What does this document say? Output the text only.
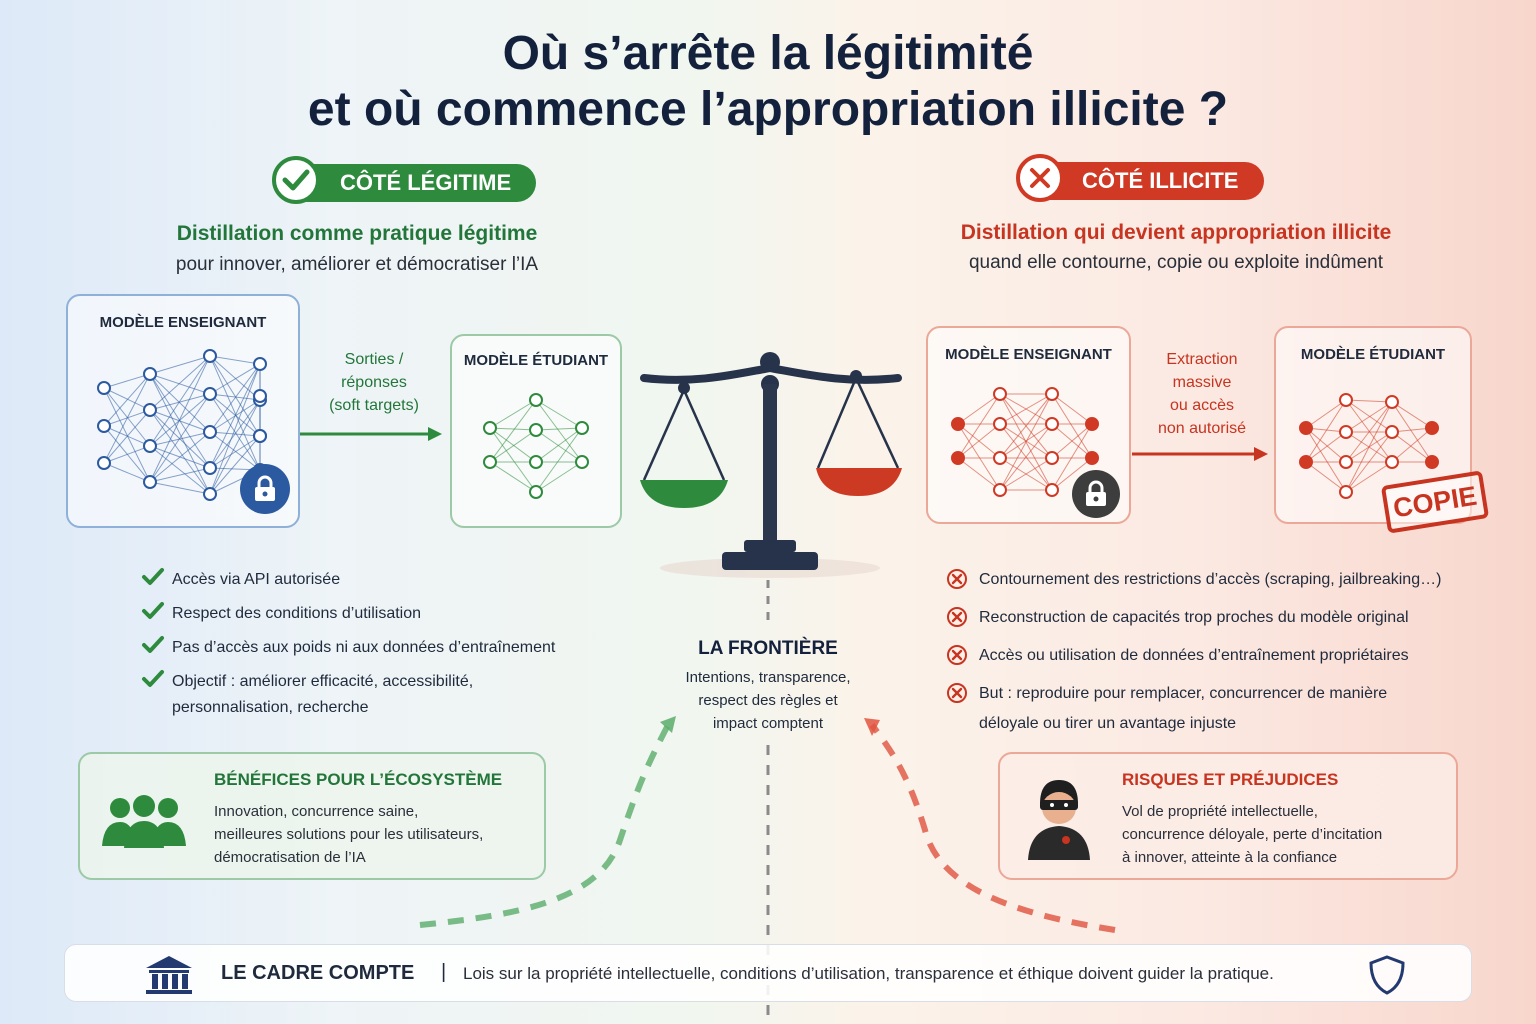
Où s’arrête la légitimité
et où commence l’appropriation illicite ?
CÔTÉ LÉGITIME	CÔTÉ ILLICITE
Distillation comme pratique légitime
pour innover, améliorer et démocratiser l’IA
Distillation qui devient appropriation illicite
quand elle contourne, copie ou exploite indûment
MODÈLE ENSEIGNANT
Sorties /
réponses
(soft targets)
MODÈLE ÉTUDIANT	MODÈLE ENSEIGNANT	Extraction
massive
ou accès
non autorisé
MODÈLE ÉTUDIANT
COPIE
Accès via API autorisée
Respect des conditions d’utilisation
Pas d’accès aux poids ni aux données d’entraînement
Objectif : améliorer efficacité, accessibilité,
personnalisation, recherche
Contournement des restrictions d’accès (scraping, jailbreaking…)
Reconstruction de capacités trop proches du modèle original
Accès ou utilisation de données d’entraînement propriétaires
But : reproduire pour remplacer, concurrencer de manière
déloyale ou tirer un avantage injuste
LA FRONTIÈRE
Intentions, transparence,
respect des règles et
impact comptent
BÉNÉFICES POUR L’ÉCOSYSTÈME
Innovation, concurrence saine,
meilleures solutions pour les utilisateurs,
démocratisation de l’IA
RISQUES ET PRÉJUDICES
Vol de propriété intellectuelle,
concurrence déloyale, perte d’incitation
à innover, atteinte à la confiance
LE CADRE COMPTE | Lois sur la propriété intellectuelle, conditions d’utilisation, transparence et éthique doivent guider la pratique.
